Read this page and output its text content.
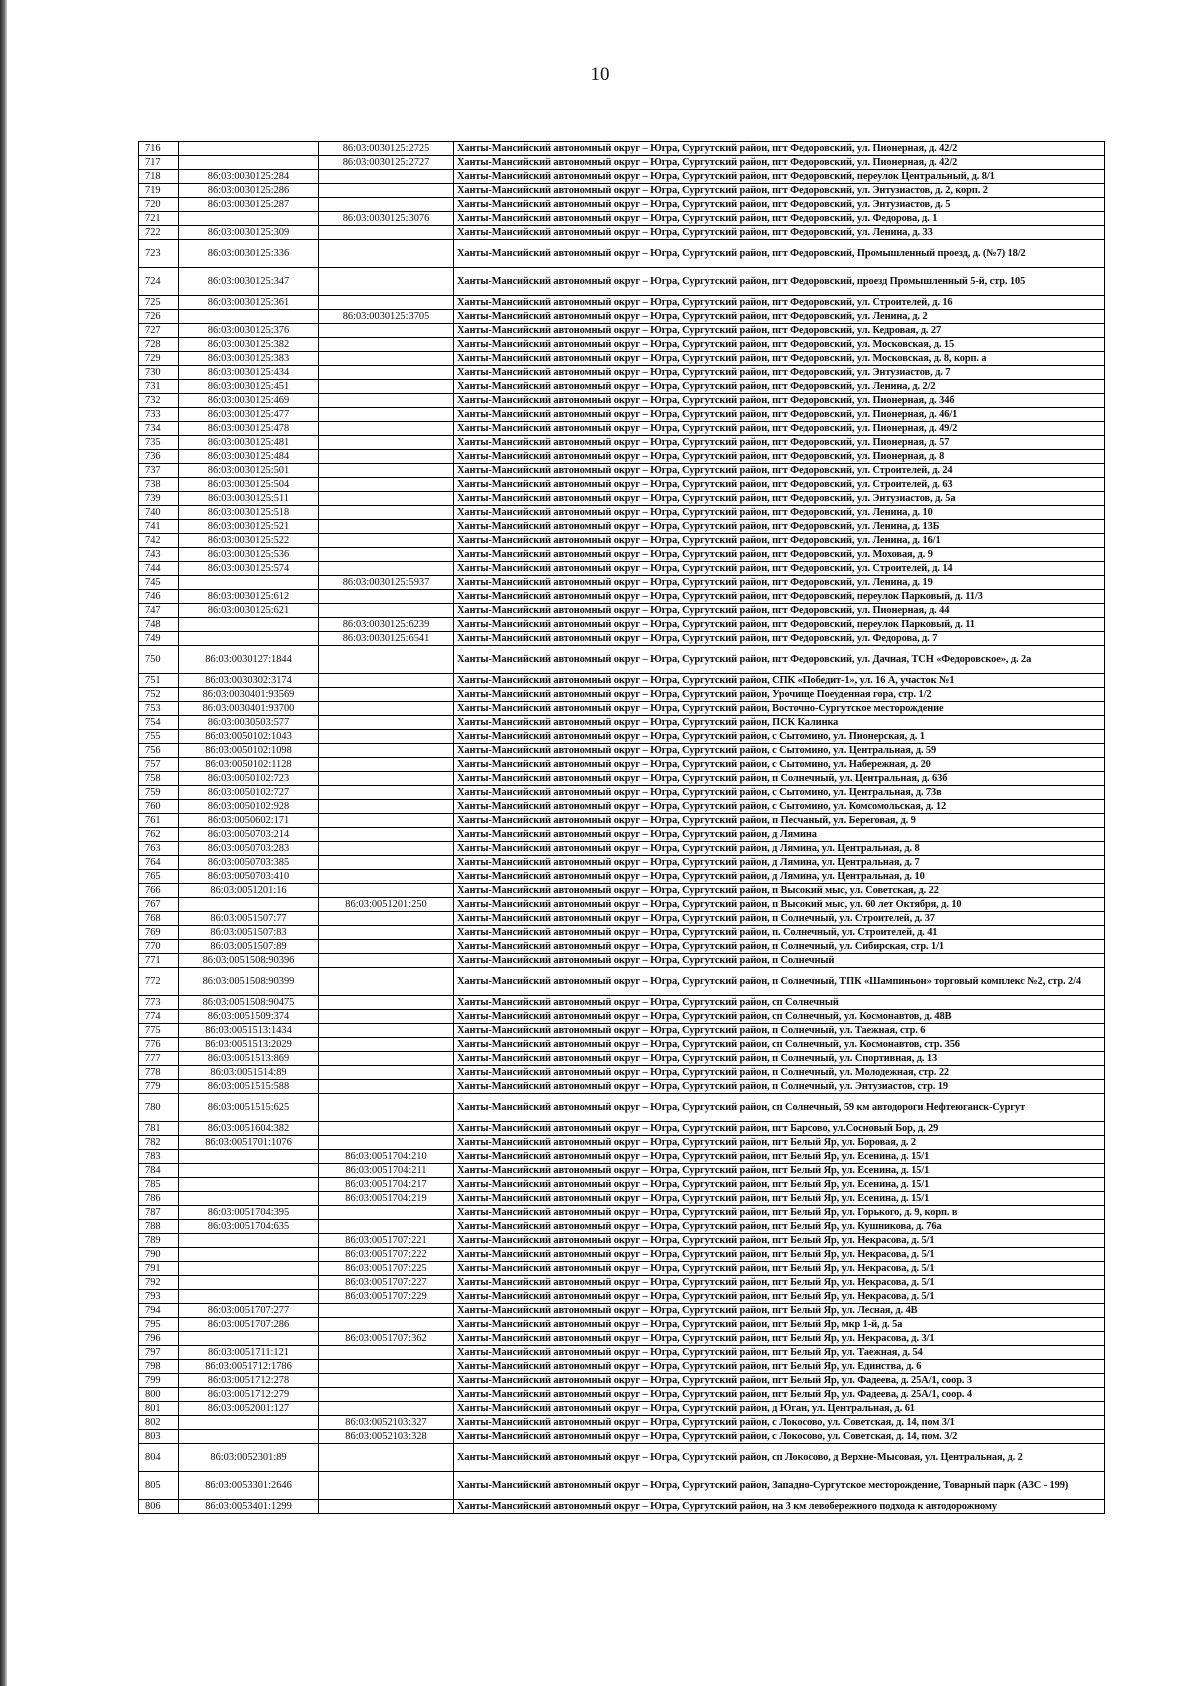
10
716		86:03:0030125:2725	Ханты-Мансийский автономный округ – Югра, Сургутский район, пгт Федоровский, ул. Пионерная, д. 42/2
717		86:03:0030125:2727	Ханты-Мансийский автономный округ – Югра, Сургутский район, пгт Федоровский, ул. Пионерная, д. 42/2
718	86:03:0030125:284		Ханты-Мансийский автономный округ – Югра, Сургутский район, пгт Федоровский, переулок Центральный, д. 8/1
719	86:03:0030125:286		Ханты-Мансийский автономный округ – Югра, Сургутский район, пгт Федоровский, ул. Энтузиастов, д. 2, корп. 2
720	86:03:0030125:287		Ханты-Мансийский автономный округ – Югра, Сургутский район, пгт Федоровский, ул. Энтузиастов, д. 5
721		86:03:0030125:3076	Ханты-Мансийский автономный округ – Югра, Сургутский район, пгт Федоровский, ул. Федорова, д. 1
722	86:03:0030125:309		Ханты-Мансийский автономный округ – Югра, Сургутский район, пгт Федоровский, ул. Ленина, д. 33
723	86:03:0030125:336		Ханты-Мансийский автономный округ – Югра, Сургутский район, пгт Федоровский, Промышленный проезд, д. (№7) 18/2
724	86:03:0030125:347		Ханты-Мансийский автономный округ – Югра, Сургутский район, пгт Федоровский, проезд Промышленный 5-й, стр. 105
725	86:03:0030125:361		Ханты-Мансийский автономный округ – Югра, Сургутский район, пгт Федоровский, ул. Строителей, д. 16
726		86:03:0030125:3705	Ханты-Мансийский автономный округ – Югра, Сургутский район, пгт Федоровский, ул. Ленина, д. 2
727	86:03:0030125:376		Ханты-Мансийский автономный округ – Югра, Сургутский район, пгт Федоровский, ул. Кедровая, д. 27
728	86:03:0030125:382		Ханты-Мансийский автономный округ – Югра, Сургутский район, пгт Федоровский, ул. Московская, д. 15
729	86:03:0030125:383		Ханты-Мансийский автономный округ – Югра, Сургутский район, пгт Федоровский, ул. Московская, д. 8, корп. а
730	86:03:0030125:434		Ханты-Мансийский автономный округ – Югра, Сургутский район, пгт Федоровский, ул. Энтузиастов, д. 7
731	86:03:0030125:451		Ханты-Мансийский автономный округ – Югра, Сургутский район, пгт Федоровский, ул. Ленина, д. 2/2
732	86:03:0030125:469		Ханты-Мансийский автономный округ – Югра, Сургутский район, пгт Федоровский, ул. Пионерная, д. 34б
733	86:03:0030125:477		Ханты-Мансийский автономный округ – Югра, Сургутский район, пгт Федоровский, ул. Пионерная, д. 46/1
734	86:03:0030125:478		Ханты-Мансийский автономный округ – Югра, Сургутский район, пгт Федоровский, ул. Пионерная, д. 49/2
735	86:03:0030125:481		Ханты-Мансийский автономный округ – Югра, Сургутский район, пгт Федоровский, ул. Пионерная, д. 57
736	86:03:0030125:484		Ханты-Мансийский автономный округ – Югра, Сургутский район, пгт Федоровский, ул. Пионерная, д. 8
737	86:03:0030125:501		Ханты-Мансийский автономный округ – Югра, Сургутский район, пгт Федоровский, ул. Строителей, д. 24
738	86:03:0030125:504		Ханты-Мансийский автономный округ – Югра, Сургутский район, пгт Федоровский, ул. Строителей, д. 63
739	86:03:0030125:511		Ханты-Мансийский автономный округ – Югра, Сургутский район, пгт Федоровский, ул. Энтузиастов, д. 5а
740	86:03:0030125:518		Ханты-Мансийский автономный округ – Югра, Сургутский район, пгт Федоровский, ул. Ленина, д. 10
741	86:03:0030125:521		Ханты-Мансийский автономный округ – Югра, Сургутский район, пгт Федоровский, ул. Ленина, д. 13Б
742	86:03:0030125:522		Ханты-Мансийский автономный округ – Югра, Сургутский район, пгт Федоровский, ул. Ленина, д. 16/1
743	86:03:0030125:536		Ханты-Мансийский автономный округ – Югра, Сургутский район, пгт Федоровский, ул. Моховая, д. 9
744	86:03:0030125:574		Ханты-Мансийский автономный округ – Югра, Сургутский район, пгт Федоровский, ул. Строителей, д. 14
745		86:03:0030125:5937	Ханты-Мансийский автономный округ – Югра, Сургутский район, пгт Федоровский, ул. Ленина, д. 19
746	86:03:0030125:612		Ханты-Мансийский автономный округ – Югра, Сургутский район, пгт Федоровский, переулок Парковый, д. 11/3
747	86:03:0030125:621		Ханты-Мансийский автономный округ – Югра, Сургутский район, пгт Федоровский, ул. Пионерная, д. 44
748		86:03:0030125:6239	Ханты-Мансийский автономный округ – Югра, Сургутский район, пгт Федоровский, переулок Парковый, д. 11
749		86:03:0030125:6541	Ханты-Мансийский автономный округ – Югра, Сургутский район, пгт Федоровский, ул. Федорова, д. 7
750	86:03:0030127:1844		Ханты-Мансийский автономный округ – Югра, Сургутский район, пгт Федоровский, ул. Дачная, ТСН «Федоровское», д. 2а
751	86:03:0030302:3174		Ханты-Мансийский автономный округ – Югра, Сургутский район, СПК «Победит-1», ул. 16 А, участок №1
752	86:03:0030401:93569		Ханты-Мансийский автономный округ – Югра, Сургутский район, Урочище Поеуденная гора, стр. 1/2
753	86:03:0030401:93700		Ханты-Мансийский автономный округ – Югра, Сургутский район, Восточно-Сургутское месторождение
754	86:03:0030503:577		Ханты-Мансийский автономный округ – Югра, Сургутский район, ПСК Калинка
755	86:03:0050102:1043		Ханты-Мансийский автономный округ – Югра, Сургутский район, с Сытомино, ул. Пионерская, д. 1
756	86:03:0050102:1098		Ханты-Мансийский автономный округ – Югра, Сургутский район, с Сытомино, ул. Центральная, д. 59
757	86:03:0050102:1128		Ханты-Мансийский автономный округ – Югра, Сургутский район, с Сытомино, ул. Набережная, д. 20
758	86:03:0050102:723		Ханты-Мансийский автономный округ – Югра, Сургутский район, п Солнечный, ул. Центральная, д. 63б
759	86:03:0050102:727		Ханты-Мансийский автономный округ – Югра, Сургутский район, с Сытомино, ул. Центральная, д. 73в
760	86:03:0050102:928		Ханты-Мансийский автономный округ – Югра, Сургутский район, с Сытомино, ул. Комсомольская, д. 12
761	86:03:0050602:171		Ханты-Мансийский автономный округ – Югра, Сургутский район, п Песчаный, ул. Береговая, д. 9
762	86:03:0050703:214		Ханты-Мансийский автономный округ – Югра, Сургутский район, д Лямина
763	86:03:0050703:283		Ханты-Мансийский автономный округ – Югра, Сургутский район, д Лямина, ул. Центральная, д. 8
764	86:03:0050703:385		Ханты-Мансийский автономный округ – Югра, Сургутский район, д Лямина, ул. Центральная, д. 7
765	86:03:0050703:410		Ханты-Мансийский автономный округ – Югра, Сургутский район, д Лямина, ул. Центральная, д. 10
766	86:03:0051201:16		Ханты-Мансийский автономный округ – Югра, Сургутский район, п Высокий мыс, ул. Советская, д. 22
767		86:03:0051201:250	Ханты-Мансийский автономный округ – Югра, Сургутский район, п Высокий мыс, ул. 60 лет Октября, д. 10
768	86:03:0051507:77		Ханты-Мансийский автономный округ – Югра, Сургутский район, п Солнечный, ул. Строителей, д. 37
769	86:03:0051507:83		Ханты-Мансийский автономный округ – Югра, Сургутский район, п. Солнечный, ул. Строителей, д. 41
770	86:03:0051507:89		Ханты-Мансийский автономный округ – Югра, Сургутский район, п Солнечный, ул. Сибирская, стр. 1/1
771	86:03:0051508:90396		Ханты-Мансийский автономный округ – Югра, Сургутский район, п Солнечный
772	86:03:0051508:90399		Ханты-Мансийский автономный округ – Югра, Сургутский район, п Солнечный, ТПК «Шампиньон» торговый комплекс №2, стр. 2/4
773	86:03:0051508:90475		Ханты-Мансийский автономный округ – Югра, Сургутский район, сп Солнечный
774	86:03:0051509:374		Ханты-Мансийский автономный округ – Югра, Сургутский район, сп Солнечный, ул. Космонавтов, д. 48В
775	86:03:0051513:1434		Ханты-Мансийский автономный округ – Югра, Сургутский район, п Солнечный, ул. Таежная, стр. 6
776	86:03:0051513:2029		Ханты-Мансийский автономный округ – Югра, Сургутский район, сп Солнечный, ул. Космонавтов, стр. 356
777	86:03:0051513:869		Ханты-Мансийский автономный округ – Югра, Сургутский район, п Солнечный, ул. Спортивная, д. 13
778	86:03:0051514:89		Ханты-Мансийский автономный округ – Югра, Сургутский район, п Солнечный, ул. Молодежная, стр. 22
779	86:03:0051515:588		Ханты-Мансийский автономный округ – Югра, Сургутский район, п Солнечный, ул. Энтузиастов, стр. 19
780	86:03:0051515:625		Ханты-Мансийский автономный округ – Югра, Сургутский район, сп Солнечный, 59 км автодороги Нефтеюганск-Сургут
781	86:03:0051604:382		Ханты-Мансийский автономный округ – Югра, Сургутский район, пгт Барсово, ул.Сосновый Бор, д. 29
782	86:03:0051701:1076		Ханты-Мансийский автономный округ – Югра, Сургутский район, пгт Белый Яр, ул. Боровая, д. 2
783		86:03:0051704:210	Ханты-Мансийский автономный округ – Югра, Сургутский район, пгт Белый Яр, ул. Есенина, д. 15/1
784		86:03:0051704:211	Ханты-Мансийский автономный округ – Югра, Сургутский район, пгт Белый Яр, ул. Есенина, д. 15/1
785		86:03:0051704:217	Ханты-Мансийский автономный округ – Югра, Сургутский район, пгт Белый Яр, ул. Есенина, д. 15/1
786		86:03:0051704:219	Ханты-Мансийский автономный округ – Югра, Сургутский район, пгт Белый Яр, ул. Есенина, д. 15/1
787	86:03:0051704:395		Ханты-Мансийский автономный округ – Югра, Сургутский район, пгт Белый Яр, ул. Горького, д. 9, корп. в
788	86:03:0051704:635		Ханты-Мансийский автономный округ – Югра, Сургутский район, пгт Белый Яр, ул. Кушникова, д. 76а
789		86:03:0051707:221	Ханты-Мансийский автономный округ – Югра, Сургутский район, пгт Белый Яр, ул. Некрасова, д. 5/1
790		86:03:0051707:222	Ханты-Мансийский автономный округ – Югра, Сургутский район, пгт Белый Яр, ул. Некрасова, д. 5/1
791		86:03:0051707:225	Ханты-Мансийский автономный округ – Югра, Сургутский район, пгт Белый Яр, ул. Некрасова, д. 5/1
792		86:03:0051707:227	Ханты-Мансийский автономный округ – Югра, Сургутский район, пгт Белый Яр, ул. Некрасова, д. 5/1
793		86:03:0051707:229	Ханты-Мансийский автономный округ – Югра, Сургутский район, пгт Белый Яр, ул. Некрасова, д. 5/1
794	86:03:0051707:277		Ханты-Мансийский автономный округ – Югра, Сургутский район, пгт Белый Яр, ул. Лесная, д. 4В
795	86:03:0051707:286		Ханты-Мансийский автономный округ – Югра, Сургутский район, пгт Белый Яр, мкр 1-й, д. 5а
796		86:03:0051707:362	Ханты-Мансийский автономный округ – Югра, Сургутский район, пгт Белый Яр, ул. Некрасова, д. 3/1
797	86:03:0051711:121		Ханты-Мансийский автономный округ – Югра, Сургутский район, пгт Белый Яр, ул. Таежная, д. 54
798	86:03:0051712:1786		Ханты-Мансийский автономный округ – Югра, Сургутский район, пгт Белый Яр, ул. Единства, д. 6
799	86:03:0051712:278		Ханты-Мансийский автономный округ – Югра, Сургутский район, пгт Белый Яр, ул. Фадеева, д. 25А/1, соор. 3
800	86:03:0051712:279		Ханты-Мансийский автономный округ – Югра, Сургутский район, пгт Белый Яр, ул. Фадеева, д. 25А/1, соор. 4
801	86:03:0052001:127		Ханты-Мансийский автономный округ – Югра, Сургутский район, д Юган, ул. Центральная, д. 61
802		86:03:0052103:327	Ханты-Мансийский автономный округ – Югра, Сургутский район, с Локосово, ул. Советская, д. 14, пом 3/1
803		86:03:0052103:328	Ханты-Мансийский автономный округ – Югра, Сургутский район, с Локосово, ул. Советская, д. 14, пом. 3/2
804	86:03:0052301:89		Ханты-Мансийский автономный округ – Югра, Сургутский район, сп Локосово, д Верхне-Мысовая, ул. Центральная, д. 2
805	86:03:0053301:2646		Ханты-Мансийский автономный округ – Югра, Сургутский район, Западно-Сургутское месторождение, Товарный парк (АЗС - 199)
806	86:03:0053401:1299		Ханты-Мансийский автономный округ – Югра, Сургутский район, на 3 км левобережного подхода к автодорожному
